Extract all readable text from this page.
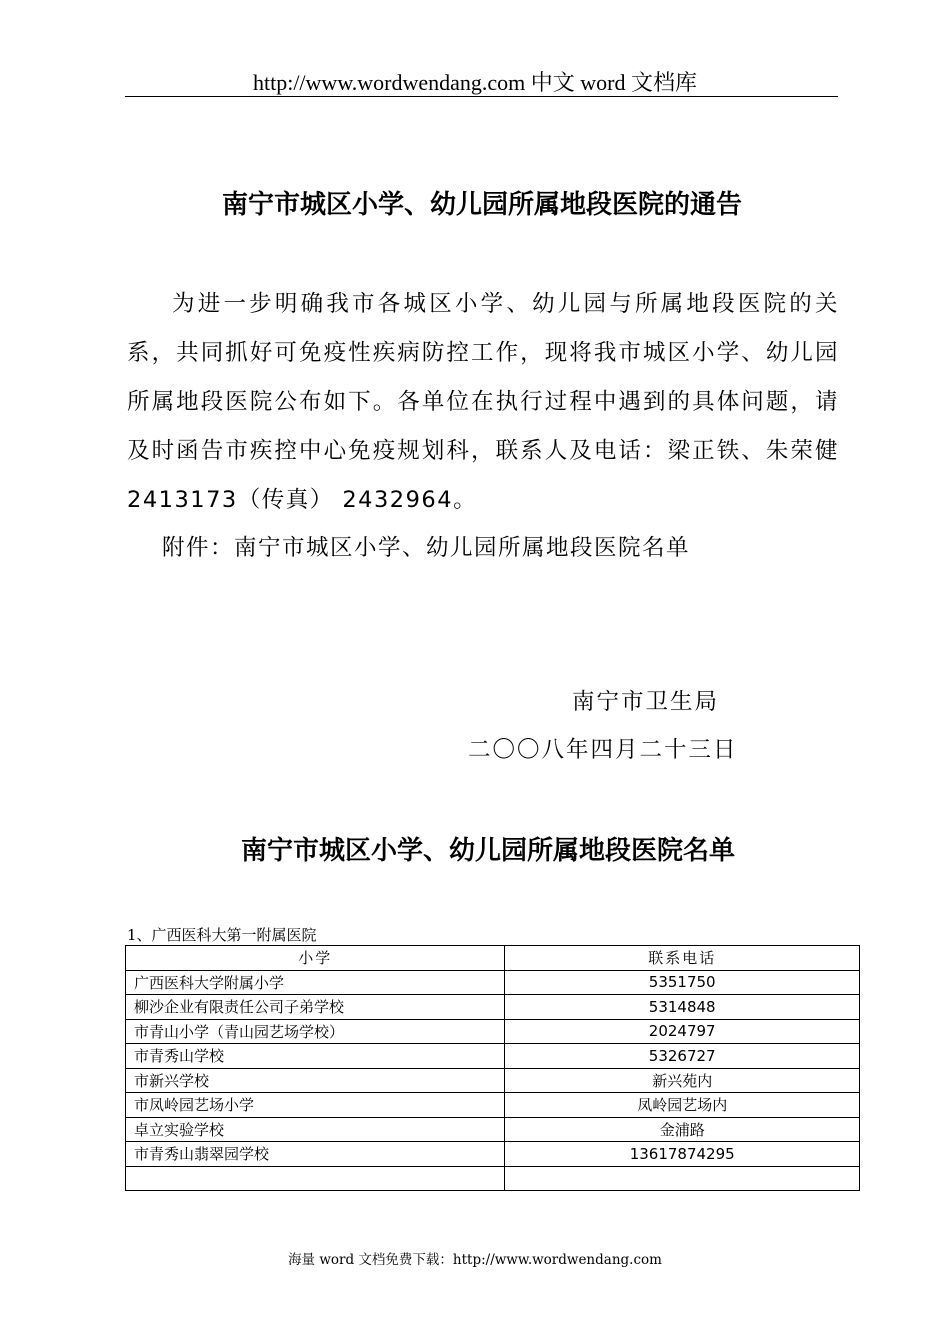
http://www.wordwendang.com 中文 word 文档库
南宁市城区小学、幼儿园所属地段医院的通告

为进一步明确我市各城区小学、幼儿园与所属地段医院的关系，共同抓好可免疫性疾病防控工作，现将我市城区小学、幼儿园所属地段医院公布如下。各单位在执行过程中遇到的具体问题，请及时函告市疾控中心免疫规划科，联系人及电话：梁正铁、朱荣健 2413173（传真） 2432964。

附件：南宁市城区小学、幼儿园所属地段医院名单
南宁市卫生局
二〇〇八年四月二十三日
南宁市城区小学、幼儿园所属地段医院名单
1、广西医科大第一附属医院
小学	联系电话
广西医科大学附属小学	5351750
柳沙企业有限责任公司子弟学校	5314848
市青山小学（青山园艺场学校）	2024797
市青秀山学校	5326727
市新兴学校	新兴苑内
市凤岭园艺场小学	凤岭园艺场内
卓立实验学校	金浦路
市青秀山翡翠园学校	13617874295

海量 word 文档免费下载：http://www.wordwendang.com
